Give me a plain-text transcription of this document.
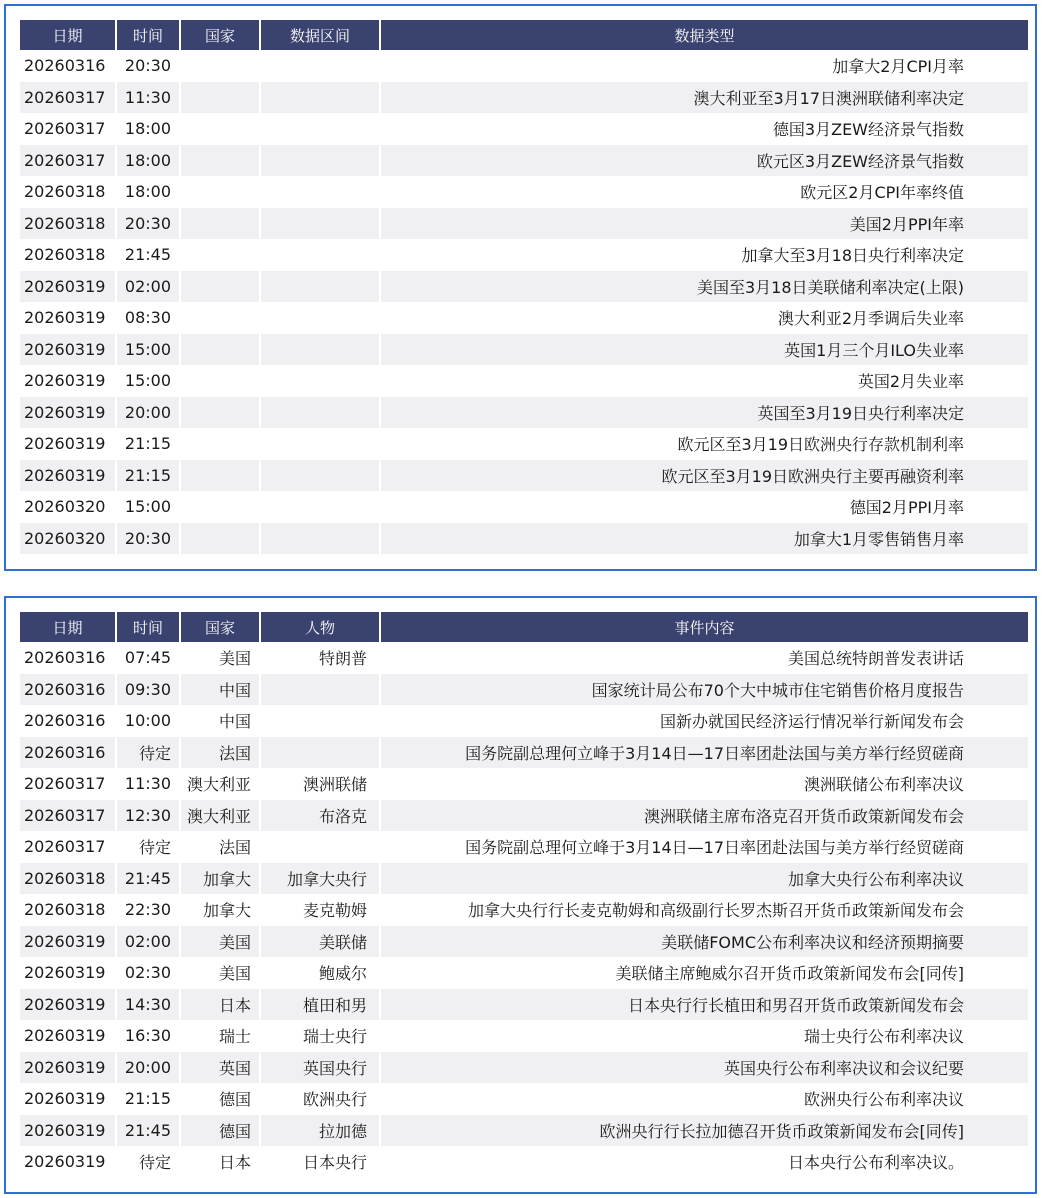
日期	时间	国家	数据区间	数据类型
20260316	20:30			加拿大2月CPI月率
20260317	11:30			澳大利亚至3月17日澳洲联储利率决定
20260317	18:00			德国3月ZEW经济景气指数
20260317	18:00			欧元区3月ZEW经济景气指数
20260318	18:00			欧元区2月CPI年率终值
20260318	20:30			美国2月PPI年率
20260318	21:45			加拿大至3月18日央行利率决定
20260319	02:00			美国至3月18日美联储利率决定(上限)
20260319	08:30			澳大利亚2月季调后失业率
20260319	15:00			英国1月三个月ILO失业率
20260319	15:00			英国2月失业率
20260319	20:00			英国至3月19日央行利率决定
20260319	21:15			欧元区至3月19日欧洲央行存款机制利率
20260319	21:15			欧元区至3月19日欧洲央行主要再融资利率
20260320	15:00			德国2月PPI月率
20260320	20:30			加拿大1月零售销售月率
日期	时间	国家	人物	事件内容
20260316	07:45	美国	特朗普	美国总统特朗普发表讲话
20260316	09:30	中国		国家统计局公布70个大中城市住宅销售价格月度报告
20260316	10:00	中国		国新办就国民经济运行情况举行新闻发布会
20260316	待定	法国		国务院副总理何立峰于3月14日—17日率团赴法国与美方举行经贸磋商
20260317	11:30	澳大利亚	澳洲联储	澳洲联储公布利率决议
20260317	12:30	澳大利亚	布洛克	澳洲联储主席布洛克召开货币政策新闻发布会
20260317	待定	法国		国务院副总理何立峰于3月14日—17日率团赴法国与美方举行经贸磋商
20260318	21:45	加拿大	加拿大央行	加拿大央行公布利率决议
20260318	22:30	加拿大	麦克勒姆	加拿大央行行长麦克勒姆和高级副行长罗杰斯召开货币政策新闻发布会
20260319	02:00	美国	美联储	美联储FOMC公布利率决议和经济预期摘要
20260319	02:30	美国	鲍威尔	美联储主席鲍威尔召开货币政策新闻发布会[同传]
20260319	14:30	日本	植田和男	日本央行行长植田和男召开货币政策新闻发布会
20260319	16:30	瑞士	瑞士央行	瑞士央行公布利率决议
20260319	20:00	英国	英国央行	英国央行公布利率决议和会议纪要
20260319	21:15	德国	欧洲央行	欧洲央行公布利率决议
20260319	21:45	德国	拉加德	欧洲央行行长拉加德召开货币政策新闻发布会[同传]
20260319	待定	日本	日本央行	日本央行公布利率决议。
